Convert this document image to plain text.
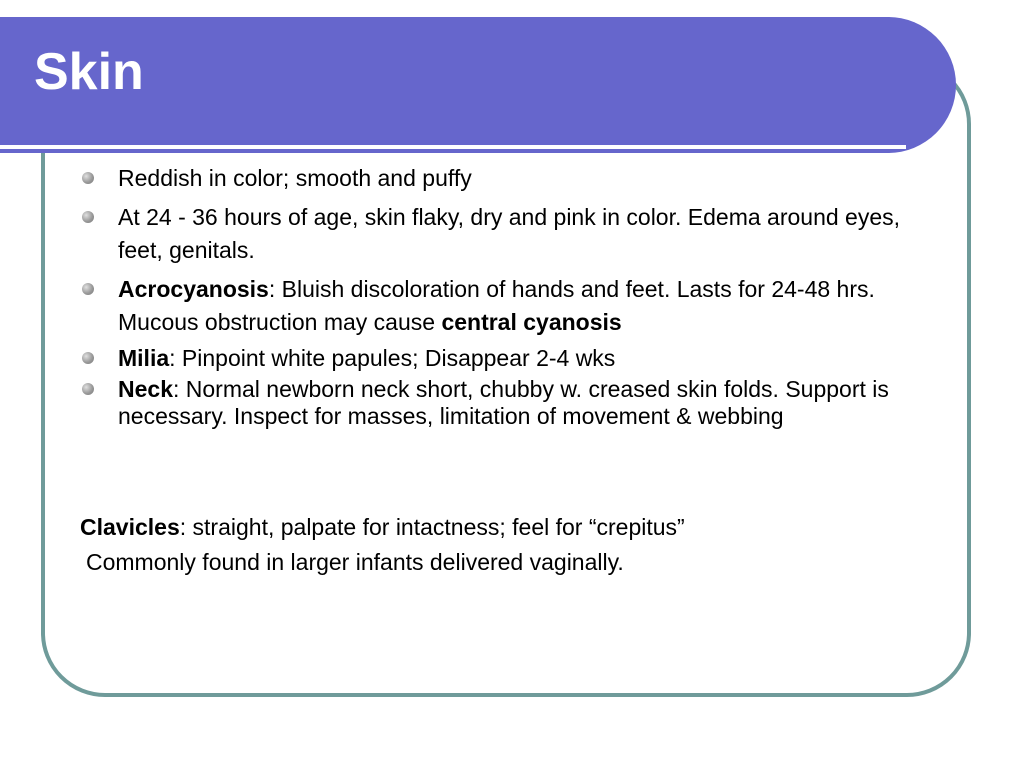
Skin
Reddish in color; smooth and puffy
At 24 - 36 hours of age, skin flaky, dry and pink in color. Edema around eyes, feet, genitals.
Acrocyanosis: Bluish discoloration of hands and feet. Lasts for 24-48 hrs. Mucous obstruction may cause central cyanosis
Milia: Pinpoint white papules; Disappear 2-4 wks
Neck: Normal newborn neck short, chubby w. creased skin folds. Support is necessary. Inspect for masses, limitation of movement & webbing

Clavicles: straight, palpate for intactness; feel for “crepitus”

Commonly found in larger infants delivered vaginally.
